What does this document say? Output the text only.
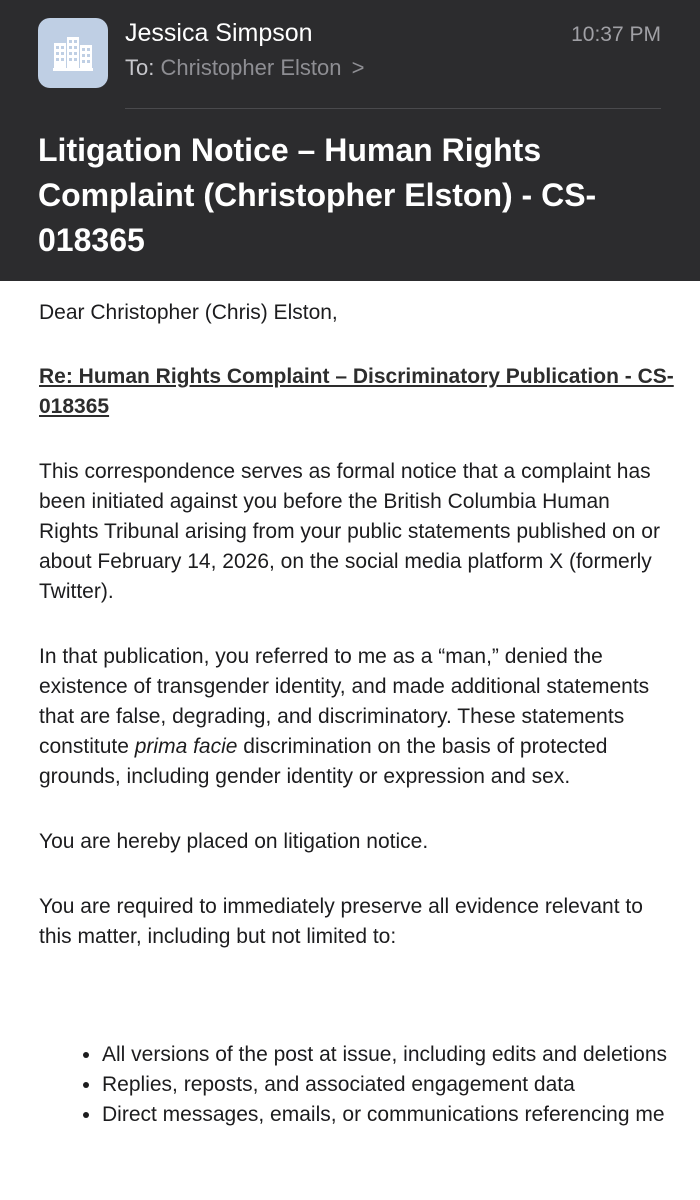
Jessica Simpson
To: Christopher Elston >
10:37 PM
Litigation Notice – Human Rights Complaint (Christopher Elston) - CS-018365

Dear Christopher (Chris) Elston,

Re: Human Rights Complaint – Discriminatory Publication - CS-018365

This correspondence serves as formal notice that a complaint has been initiated against you before the British Columbia Human Rights Tribunal arising from your public statements published on or about February 14, 2026, on the social media platform X (formerly Twitter).

In that publication, you referred to me as a “man,” denied the existence of transgender identity, and made additional statements that are false, degrading, and discriminatory. These statements constitute prima facie discrimination on the basis of protected grounds, including gender identity or expression and sex.

You are hereby placed on litigation notice.

You are required to immediately preserve all evidence relevant to this matter, including but not limited to:

• All versions of the post at issue, including edits and deletions
• Replies, reposts, and associated engagement data
• Direct messages, emails, or communications referencing me
